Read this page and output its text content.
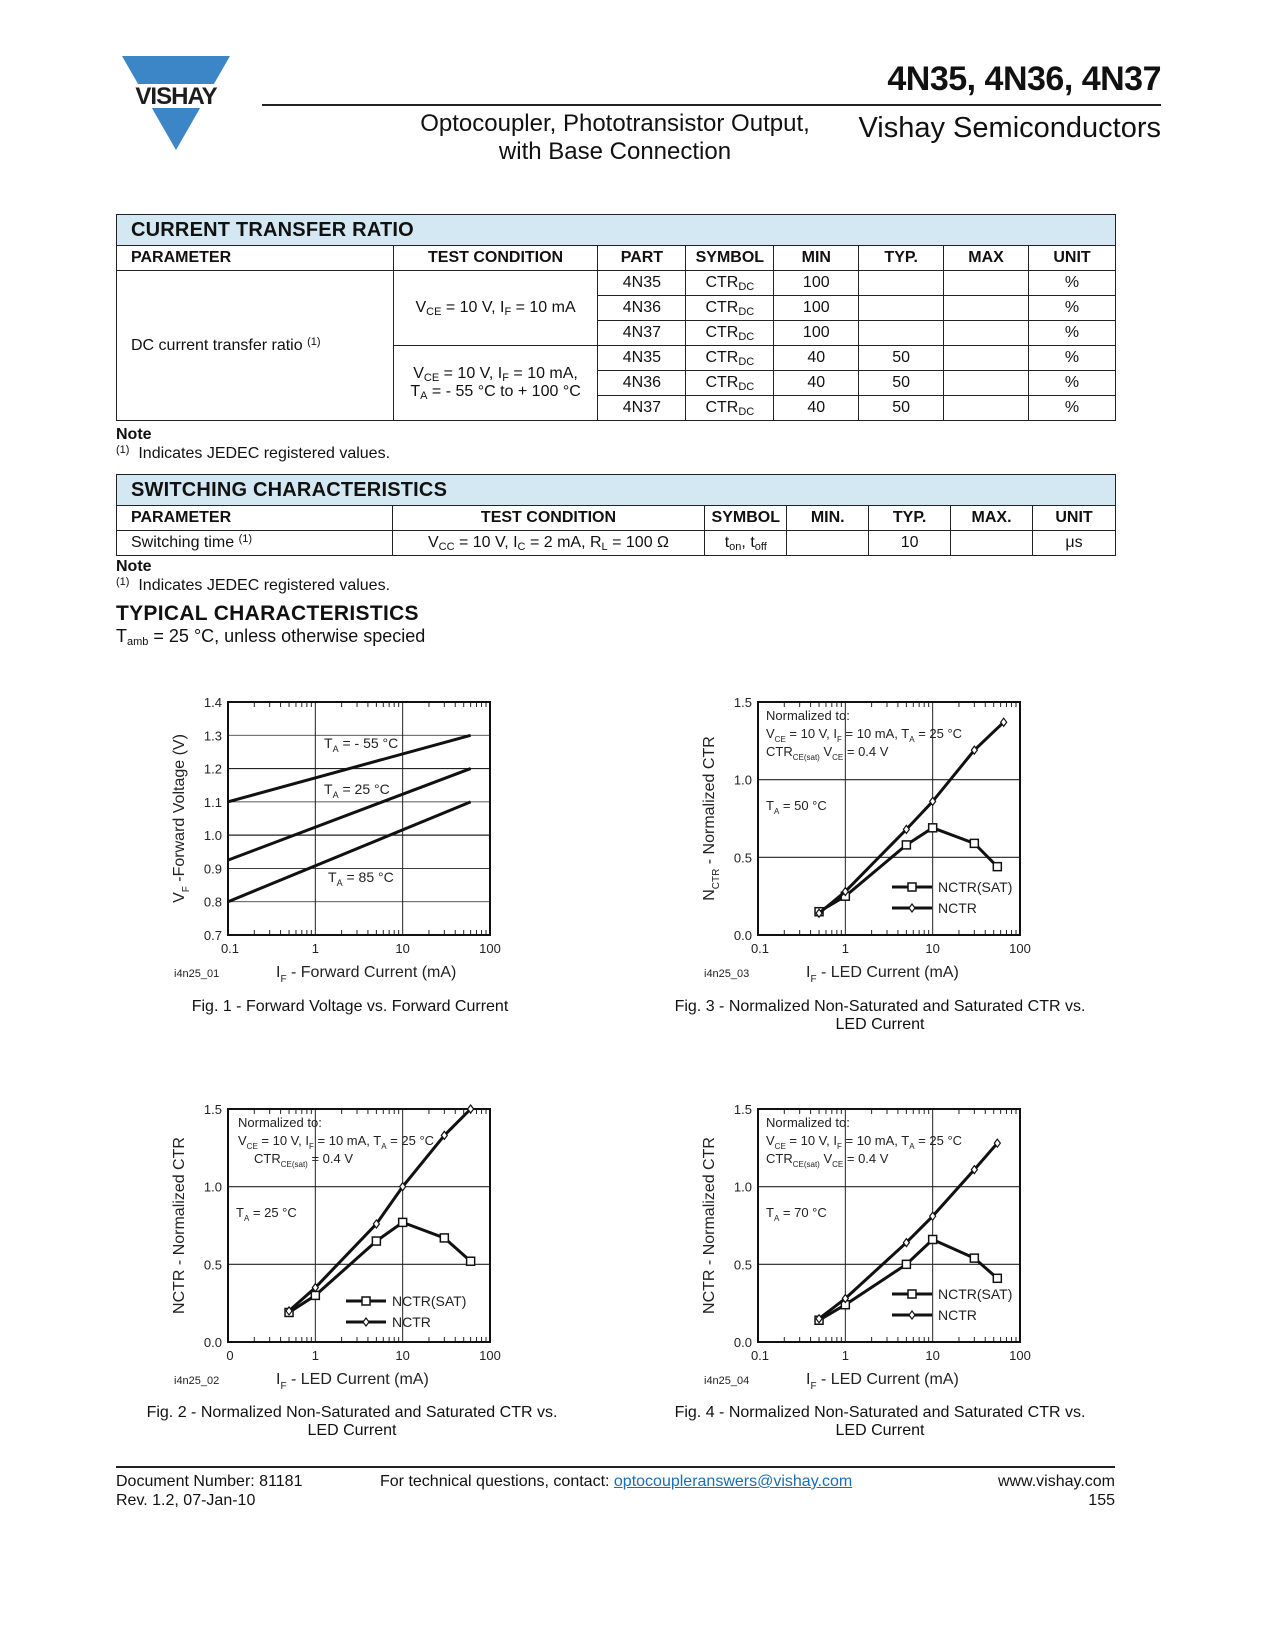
VISHAY	4N35, 4N36, 4N37
Optocoupler, Phototransistor Output,
with Base Connection
Vishay Semiconductors
CURRENT TRANSFER RATIO							
PARAMETER	TEST CONDITION	PART	SYMBOL	MIN	TYP.	MAX	UNIT
DC current transfer ratio $^{(1)}$	$V_{CE} = 10$ V, $I_F = 10$ mA	4N35	$CTR_{DC}$	100			%
		4N36	$CTR_{DC}$	100			%
		4N37	$CTR_{DC}$	100			%

	$V_{CE} = 10$ V, $I_F = 10$ mA,
$T_A$ = - 55 °C to + 100 °C	4N35	$CTR_{DC}$	40	50		%
		4N36	$CTR_{DC}$	40	50		%
		4N37	$CTR_{DC}$	40	50		%
Note
$^{(1)}$ Indicates JEDEC registered values.
SWITCHING CHARACTERISTICS						
PARAMETER	TEST CONDITION	SYMBOL	MIN.	TYP.	MAX.	UNIT
Switching time $^{(1)}$	$V_{CC} = 10$ V, $I_C = 2$ mA, $R_L = 100$ Ω	$t_{on}$, $t_{off}$		10		μs
Note
$^{(1)}$ Indicates JEDEC registered values.
TYPICAL CHARACTERISTICS
$T_{amb} = 25$ °C, unless otherwise specied
0.7
0.8
0.9
1.0
1.1
1.2
1.3
1.4
0.1	1	10	100
$V_F$ -Forward Voltage (V)
$I_F$ - Forward Current (mA)
i4n25_01
$T_A$ = - 55 °C
$T_A = 25$ °C
$T_A = 85$ °C
Fig. 1 - Forward Voltage vs. Forward Current
0.0
0.5
1.0
1.5
0.1	1	10	100
$N_{CTR}$ - Normalized CTR
$I_F$ - LED Current (mA)
i4n25_03
Normalized to:
$V_{CE} = 10$ V, $I_F = 10$ mA, $T_A = 25$ °C
$CTR_{CE(sat)}$ $V_{CE} = 0.4$ V
$T_A = 50$ °C
NCTR(SAT)
NCTR
Fig. 3 - Normalized Non-Saturated and Saturated CTR vs.
LED Current
0.0
0.5
1.0
1.5
0	1	10	100
NCTR - Normalized CTR
$I_F$ - LED Current (mA)
i4n25_02
Normalized to:
$V_{CE} = 10$ V, $I_F = 10$ mA, $T_A = 25$ °C
$CTR_{CE(sat)} = 0.4$ V
$T_A = 25$ °C
NCTR(SAT)
NCTR
Fig. 2 - Normalized Non-Saturated and Saturated CTR vs.
LED Current
0.0
0.5
1.0
1.5
0.1	1	10	100
NCTR - Normalized CTR
$I_F$ - LED Current (mA)
i4n25_04
Normalized to:
$V_{CE} = 10$ V, $I_F = 10$ mA, $T_A = 25$ °C
$CTR_{CE(sat)}$ $V_{CE} = 0.4$ V
$T_A = 70$ °C
NCTR(SAT)
NCTR
Fig. 4 - Normalized Non-Saturated and Saturated CTR vs.
LED Current
Document Number: 81181
Rev. 1.2, 07-Jan-10
For technical questions, contact: optocoupleranswers@vishay.com	www.vishay.com
155
